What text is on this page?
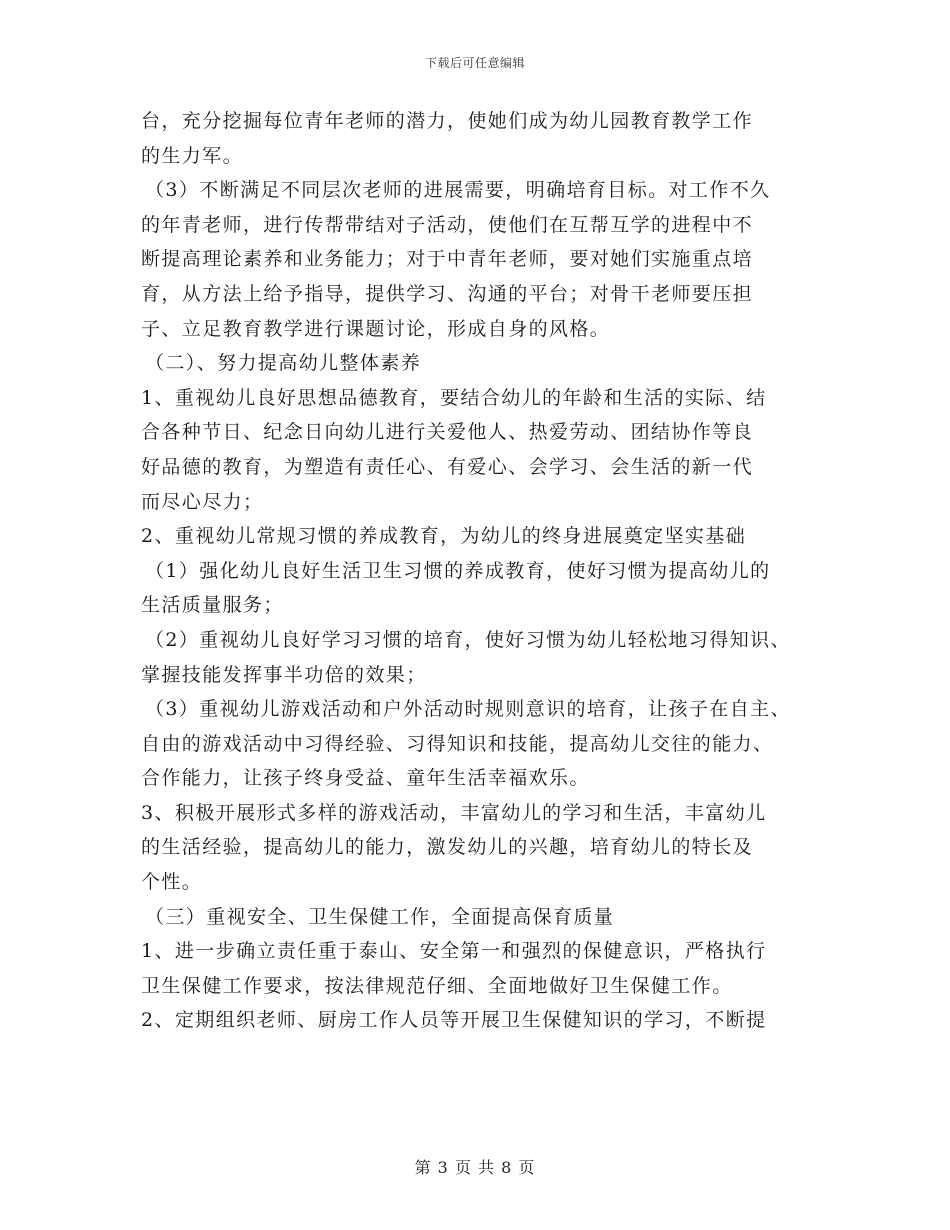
下载后可任意编辑
台，充分挖掘每位青年老师的潜力，使她们成为幼儿园教育教学工作
的生力军。
（3）不断满足不同层次老师的进展需要，明确培育目标。对工作不久
的年青老师，进行传帮带结对子活动，使他们在互帮互学的进程中不
断提高理论素养和业务能力；对于中青年老师，要对她们实施重点培
育，从方法上给予指导，提供学习、沟通的平台；对骨干老师要压担
子、立足教育教学进行课题讨论，形成自身的风格。
（二）、努力提高幼儿整体素养
1、重视幼儿良好思想品德教育，要结合幼儿的年龄和生活的实际、结
合各种节日、纪念日向幼儿进行关爱他人、热爱劳动、团结协作等良
好品德的教育，为塑造有责任心、有爱心、会学习、会生活的新一代
而尽心尽力；
2、重视幼儿常规习惯的养成教育，为幼儿的终身进展奠定坚实基础
（1）强化幼儿良好生活卫生习惯的养成教育，使好习惯为提高幼儿的
生活质量服务；
（2）重视幼儿良好学习习惯的培育，使好习惯为幼儿轻松地习得知识、
掌握技能发挥事半功倍的效果；
（3）重视幼儿游戏活动和户外活动时规则意识的培育，让孩子在自主、
自由的游戏活动中习得经验、习得知识和技能，提高幼儿交往的能力、
合作能力，让孩子终身受益、童年生活幸福欢乐。
3、积极开展形式多样的游戏活动，丰富幼儿的学习和生活，丰富幼儿
的生活经验，提高幼儿的能力，激发幼儿的兴趣，培育幼儿的特长及
个性。
（三）重视安全、卫生保健工作，全面提高保育质量
1、进一步确立责任重于泰山、安全第一和强烈的保健意识，严格执行
卫生保健工作要求，按法律规范仔细、全面地做好卫生保健工作。
2、定期组织老师、厨房工作人员等开展卫生保健知识的学习，不断提
第 3 页 共 8 页
